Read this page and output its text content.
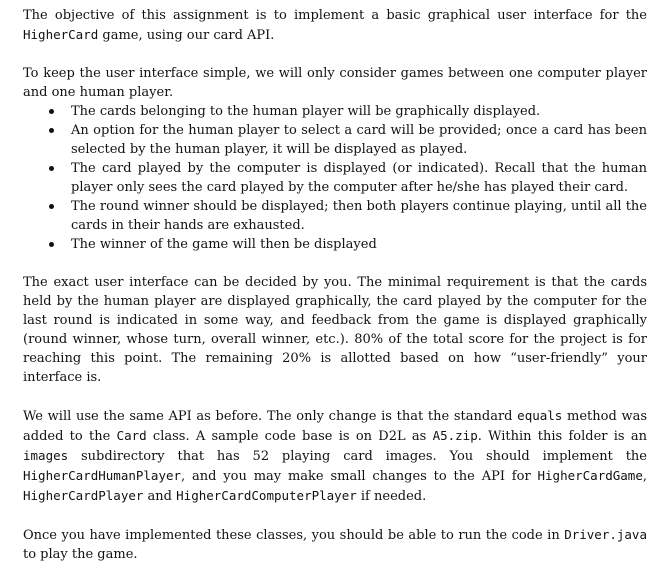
The objective of this assignment is to implement a basic graphical user interface for the HigherCard game, using our card API.

To keep the user interface simple, we will only consider games between one computer player and one human player.

The cards belonging to the human player will be graphically displayed.
An option for the human player to select a card will be provided; once a card has been selected by the human player, it will be displayed as played.
The card played by the computer is displayed (or indicated). Recall that the human player only sees the card played by the computer after he/she has played their card.
The round winner should be displayed; then both players continue playing, until all the cards in their hands are exhausted.
The winner of the game will then be displayed

The exact user interface can be decided by you. The minimal requirement is that the cards held by the human player are displayed graphically, the card played by the computer for the last round is indicated in some way, and feedback from the game is displayed graphically (round winner, whose turn, overall winner, etc.). 80% of the total score for the project is for reaching this point. The remaining 20% is allotted based on how “user-friendly” your interface is.

We will use the same API as before. The only change is that the standard equals method was added to the Card class. A sample code base is on D2L as A5.zip. Within this folder is an images subdirectory that has 52 playing card images. You should implement the HigherCardHumanPlayer, and you may make small changes to the API for HigherCardGame, HigherCardPlayer and HigherCardComputerPlayer if needed.

Once you have implemented these classes, you should be able to run the code in Driver.java to play the game.
